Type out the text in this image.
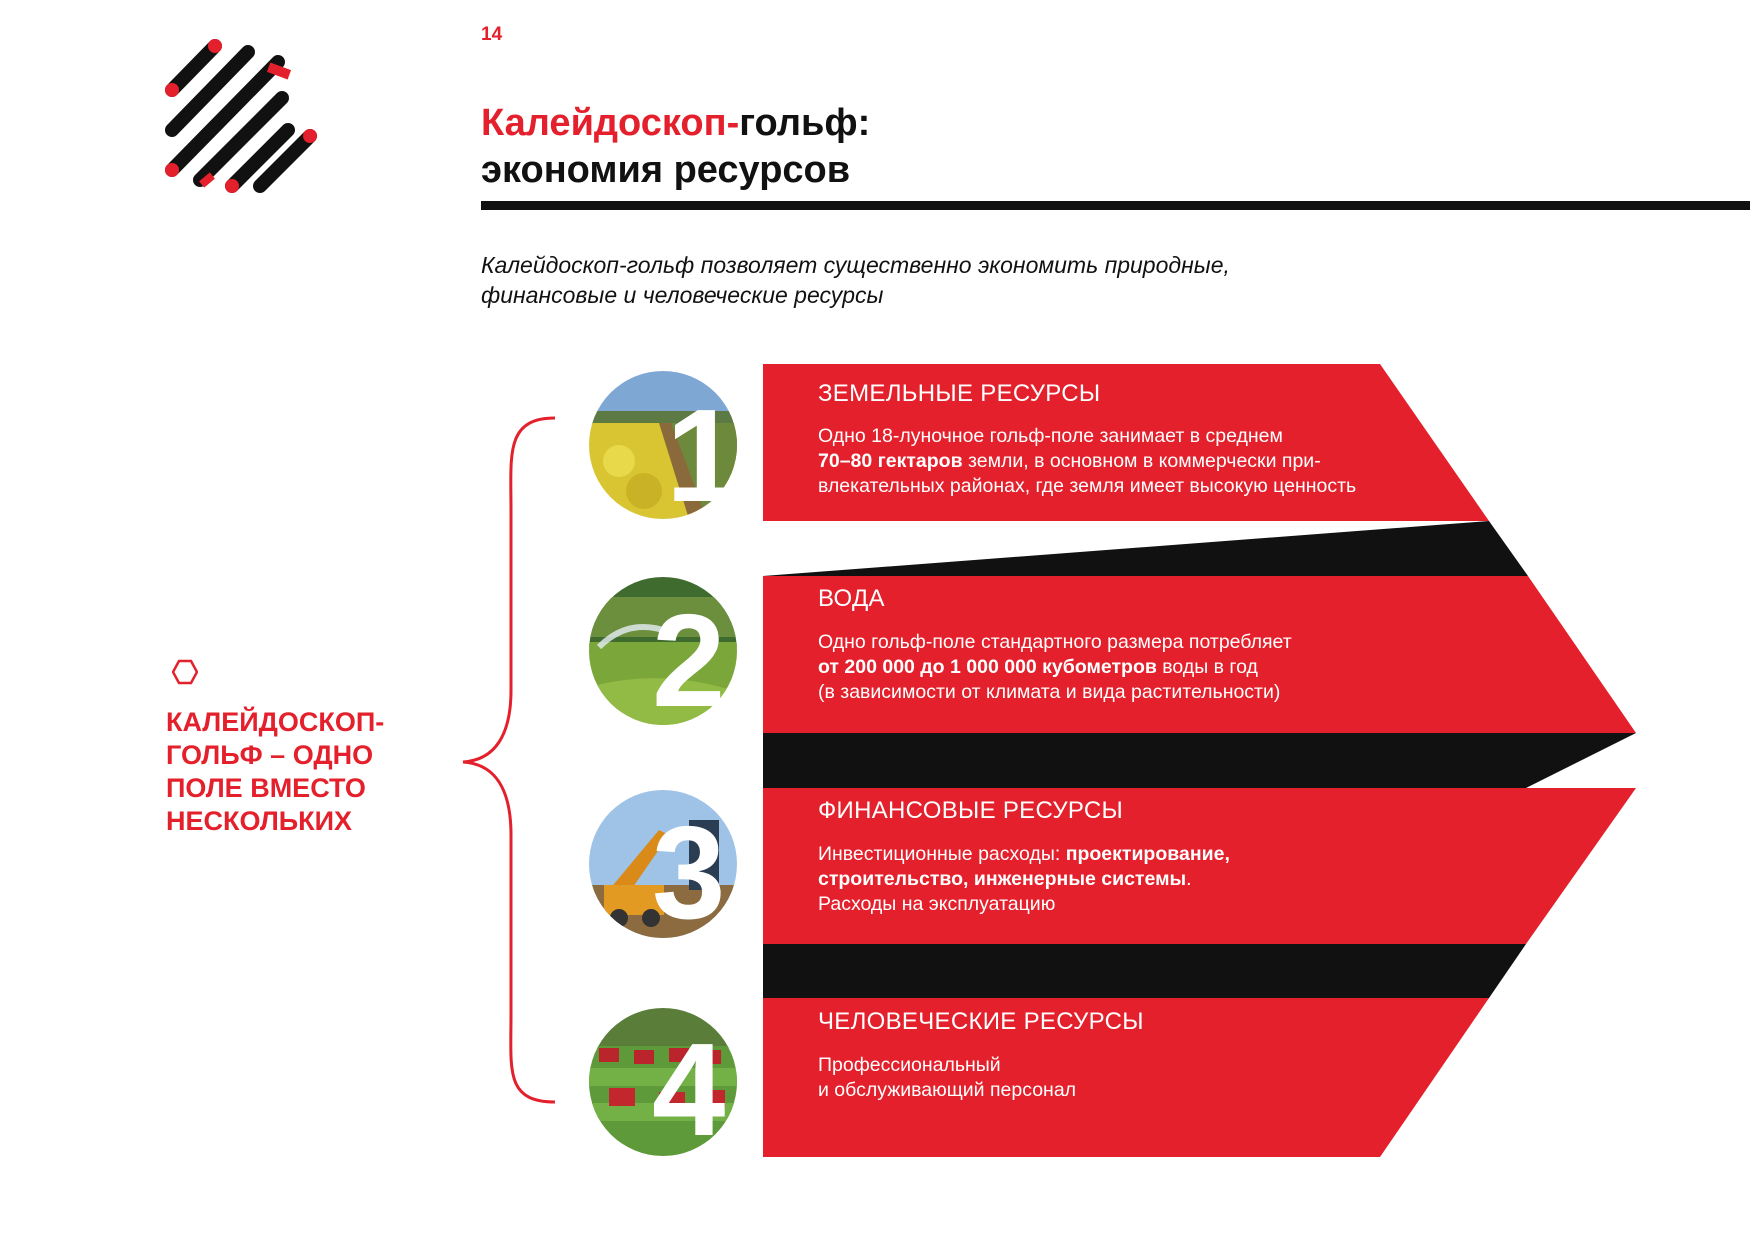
14
Калейдоскоп-гольф:
экономия ресурсов
Калейдоскоп-гольф позволяет существенно экономить природные,
финансовые и человеческие ресурсы
КАЛЕЙДОСКОП-
ГОЛЬФ – ОДНО
ПОЛЕ ВМЕСТО
НЕСКОЛЬКИХ
1
2
3
4
ЗЕМЕЛЬНЫЕ РЕСУРСЫ
Одно 18-луночное гольф-поле занимает в среднем
70–80 гектаров земли, в основном в коммерчески при-
влекательных районах, где земля имеет высокую ценность
ВОДА
Одно гольф-поле стандартного размера потребляет
от 200 000 до 1 000 000 кубометров воды в год
(в зависимости от климата и вида растительности)
ФИНАНСОВЫЕ РЕСУРСЫ
Инвестиционные расходы: проектирование,
строительство, инженерные системы.
Расходы на эксплуатацию
ЧЕЛОВЕЧЕСКИЕ РЕСУРСЫ
Профессиональный
и обслуживающий персонал
